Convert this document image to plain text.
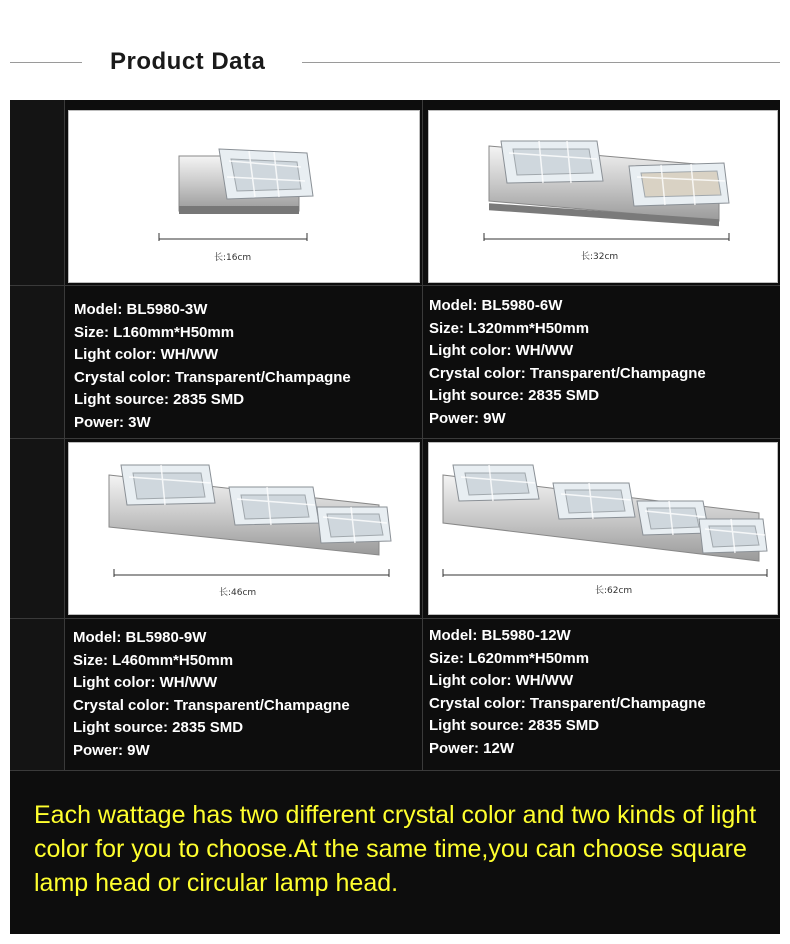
Product Data
长:16cm	长:32cm
Model: BL5980-3W
Size: L160mm*H50mm
Light color: WH/WW
Crystal color: Transparent/Champagne
Light source: 2835 SMD
Power: 3W
Model: BL5980-6W
Size: L320mm*H50mm
Light color: WH/WW
Crystal color: Transparent/Champagne
Light source: 2835 SMD
Power: 9W
长:46cm	长:62cm
Model: BL5980-9W
Size: L460mm*H50mm
Light color: WH/WW
Crystal color: Transparent/Champagne
Light source: 2835 SMD
Power: 9W
Model: BL5980-12W
Size: L620mm*H50mm
Light color: WH/WW
Crystal color: Transparent/Champagne
Light source: 2835 SMD
Power: 12W
Each wattage has two different crystal color and two kinds of light color for you to choose.At the same time,you can choose square lamp head or circular lamp head.
